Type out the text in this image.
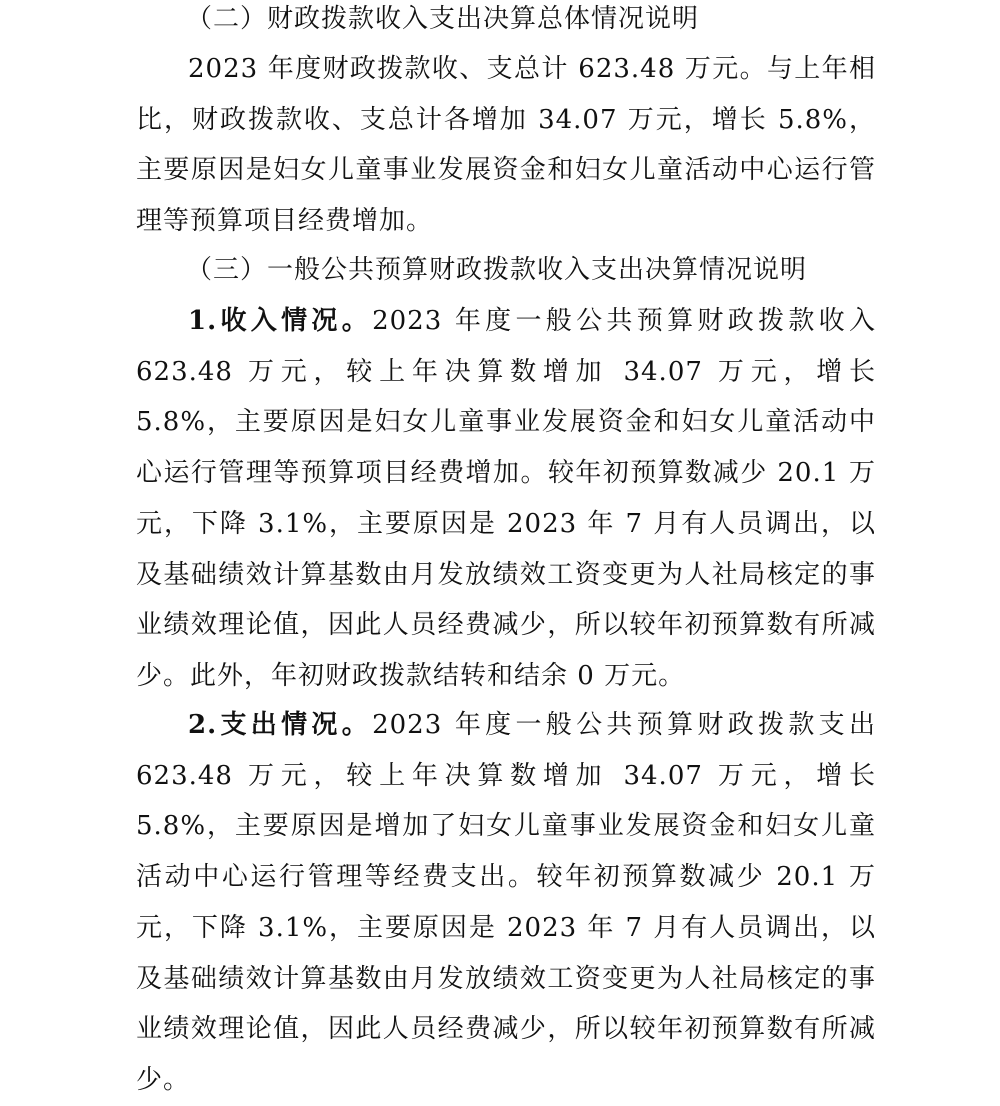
（二）财政拨款收入支出决算总体情况说明

2023 年度财政拨款收、支总计 623.48 万元。与上年相比，财政拨款收、支总计各增加 34.07 万元，增长 5.8%，主要原因是妇女儿童事业发展资金和妇女儿童活动中心运行管理等预算项目经费增加。

（三）一般公共预算财政拨款收入支出决算情况说明

1.收入情况。2023 年度一般公共预算财政拨款收入 623.48 万元，较上年决算数增加 34.07 万元，增长 5.8%，主要原因是妇女儿童事业发展资金和妇女儿童活动中心运行管理等预算项目经费增加。较年初预算数减少 20.1 万元，下降 3.1%，主要原因是 2023 年 7 月有人员调出，以及基础绩效计算基数由月发放绩效工资变更为人社局核定的事业绩效理论值，因此人员经费减少，所以较年初预算数有所减少。此外，年初财政拨款结转和结余 0 万元。

2.支出情况。2023 年度一般公共预算财政拨款支出 623.48 万元，较上年决算数增加 34.07 万元，增长 5.8%，主要原因是增加了妇女儿童事业发展资金和妇女儿童活动中心运行管理等经费支出。较年初预算数减少 20.1 万元，下降 3.1%，主要原因是 2023 年 7 月有人员调出，以及基础绩效计算基数由月发放绩效工资变更为人社局核定的事业绩效理论值，因此人员经费减少，所以较年初预算数有所减少。
